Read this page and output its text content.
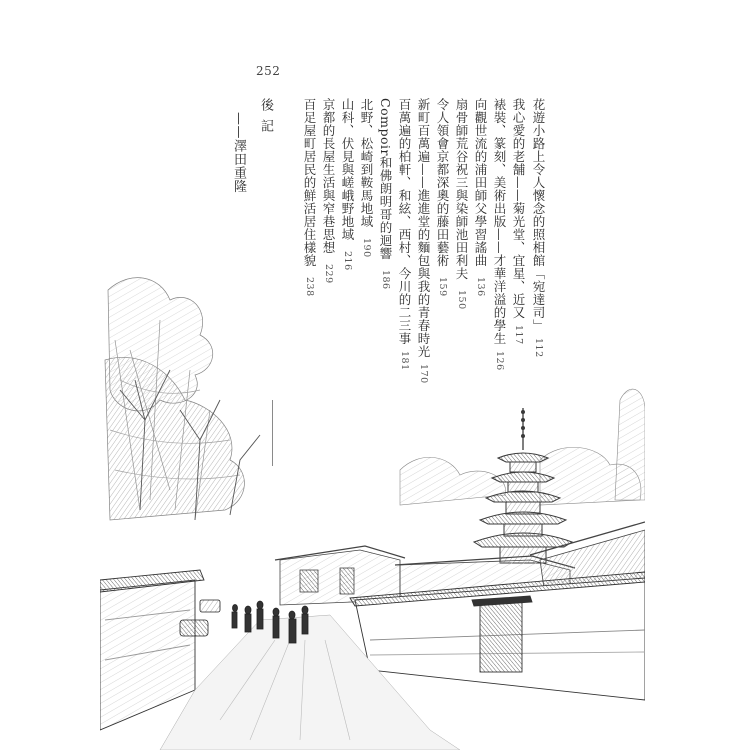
252
花遊小路上令人懷念的照相館「宛達司」112
我心愛的老舗——菊光堂、宜星、近又117
裱裝、篆刻、美術出版——才華洋溢的學生126
向觀世流的浦田師父學習謠曲136
扇骨師荒谷祝三與染師池田利夫150
令人領會京都深奧的藤田藝術159
新町百萬遍——進進堂的麵包與我的青春時光170
百萬遍的柏軒、和絃、西村、今川的二三事181
Compoir和佛朗明哥的迴響186
北野、松崎到鞍馬地域190
山科、伏見與嵯峨野地域216
京都的長屋生活與窄巷思想229
百足屋町居民的鮮活居住樣貌238
後記
——澤田重隆
